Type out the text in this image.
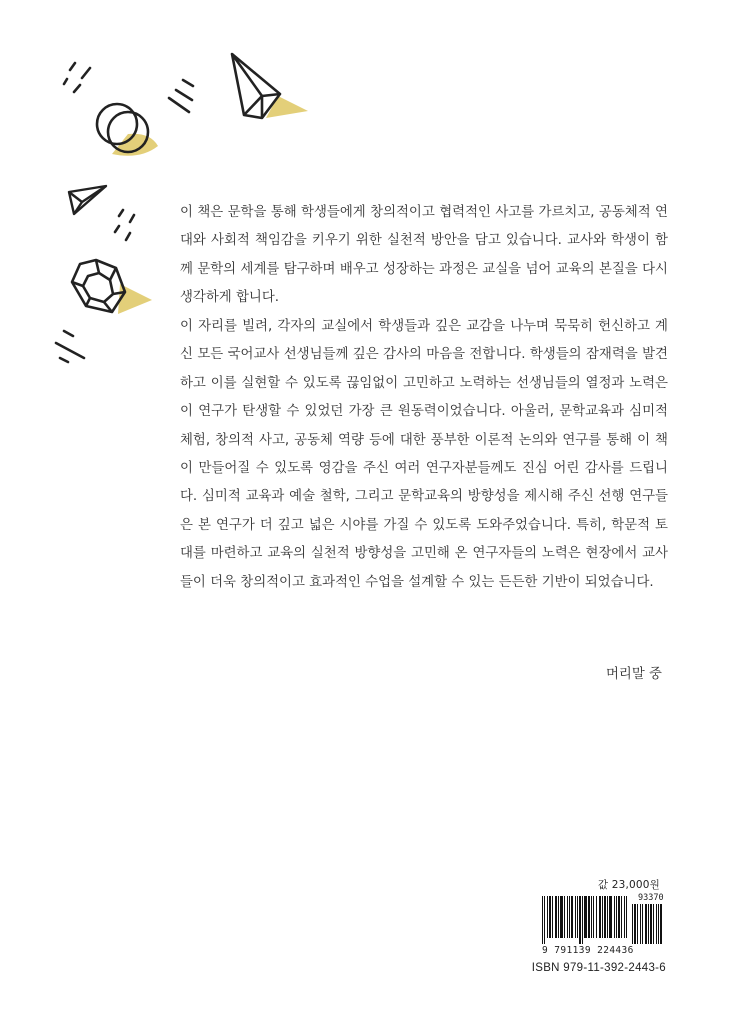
이 책은 문학을 통해 학생들에게 창의적이고 협력적인 사고를 가르치고, 공동체적 연대와 사회적 책임감을 키우기 위한 실천적 방안을 담고 있습니다. 교사와 학생이 함께 문학의 세계를 탐구하며 배우고 성장하는 과정은 교실을 넘어 교육의 본질을 다시 생각하게 합니다.

이 자리를 빌려, 각자의 교실에서 학생들과 깊은 교감을 나누며 묵묵히 헌신하고 계신 모든 국어교사 선생님들께 깊은 감사의 마음을 전합니다. 학생들의 잠재력을 발견하고 이를 실현할 수 있도록 끊임없이 고민하고 노력하는 선생님들의 열정과 노력은 이 연구가 탄생할 수 있었던 가장 큰 원동력이었습니다. 아울러, 문학교육과 심미적 체험, 창의적 사고, 공동체 역량 등에 대한 풍부한 이론적 논의와 연구를 통해 이 책이 만들어질 수 있도록 영감을 주신 여러 연구자분들께도 진심 어린 감사를 드립니다. 심미적 교육과 예술 철학, 그리고 문학교육의 방향성을 제시해 주신 선행 연구들은 본 연구가 더 깊고 넓은 시야를 가질 수 있도록 도와주었습니다. 특히, 학문적 토대를 마련하고 교육의 실천적 방향성을 고민해 온 연구자들의 노력은 현장에서 교사들이 더욱 창의적이고 효과적인 수업을 설계할 수 있는 든든한 기반이 되었습니다.

머리말 중
값 23,000원
93370
9 791139 224436
ISBN 979-11-392-2443-6
